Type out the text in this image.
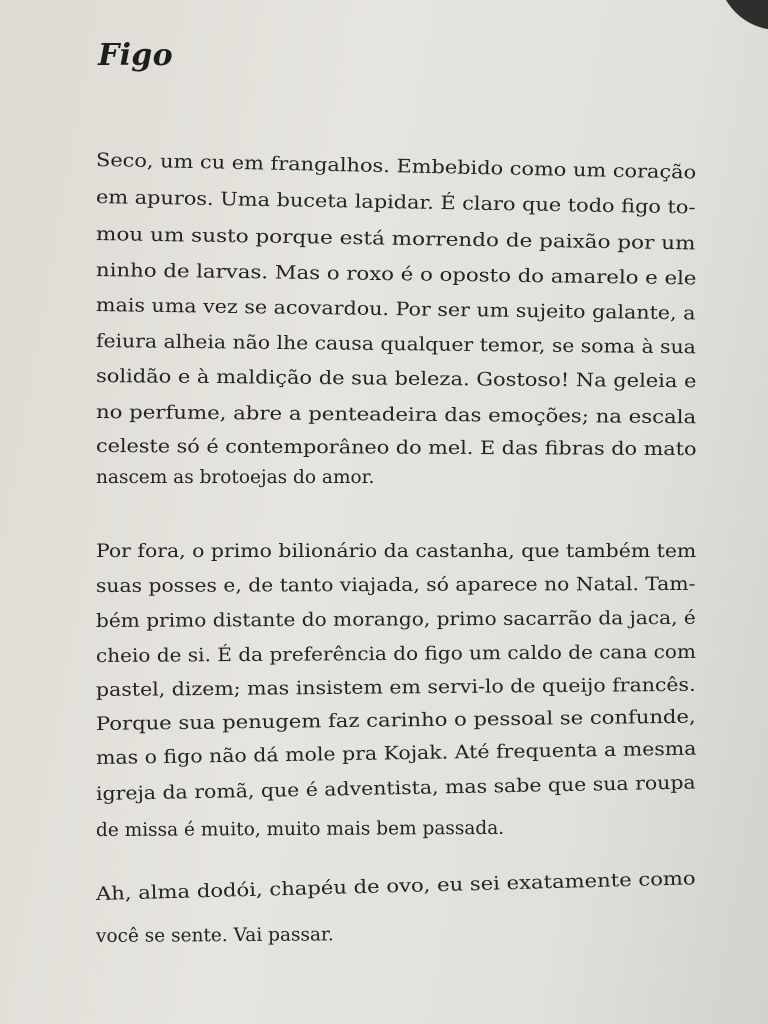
Figo

Seco, um cu em frangalhos. Embebido como um coração

em apuros. Uma buceta lapidar. É claro que todo figo to-

mou um susto porque está morrendo de paixão por um

ninho de larvas. Mas o roxo é o oposto do amarelo e ele

mais uma vez se acovardou. Por ser um sujeito galante, a

feiura alheia não lhe causa qualquer temor, se soma à sua

solidão e à maldição de sua beleza. Gostoso! Na geleia e

no perfume, abre a penteadeira das emoções; na escala

celeste só é contemporâneo do mel. E das fibras do mato

nascem as brotoejas do amor.

Por fora, o primo bilionário da castanha, que também tem

suas posses e, de tanto viajada, só aparece no Natal. Tam-

bém primo distante do morango, primo sacarrão da jaca, é

cheio de si. É da preferência do figo um caldo de cana com

pastel, dizem; mas insistem em servi-lo de queijo francês.

Porque sua penugem faz carinho o pessoal se confunde,

mas o figo não dá mole pra Kojak. Até frequenta a mesma

igreja da romã, que é adventista, mas sabe que sua roupa

de missa é muito, muito mais bem passada.

Ah, alma dodói, chapéu de ovo, eu sei exatamente como

você se sente. Vai passar.
